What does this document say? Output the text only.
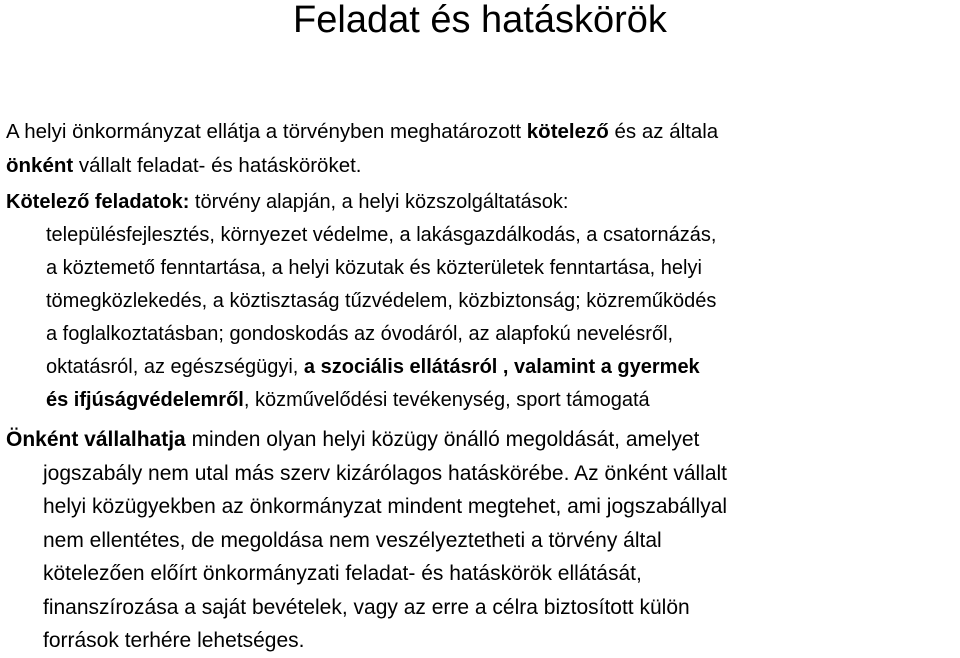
Feladat és hatáskörök

A helyi önkormányzat ellátja a törvényben meghatározott kötelező és az általa
önként vállalt feladat- és hatásköröket.

Kötelező feladatok: törvény alapján, a helyi közszolgáltatások:
településfejlesztés, környezet védelme, a lakásgazdálkodás, a csatornázás,
a köztemető fenntartása, a helyi közutak és közterületek fenntartása, helyi
tömegközlekedés, a köztisztaság tűzvédelem, közbiztonság; közreműködés
a foglalkoztatásban; gondoskodás az óvodáról, az alapfokú nevelésről,
oktatásról, az egészségügyi, a szociális ellátásról , valamint a gyermek
és ifjúságvédelemről, közművelődési tevékenység, sport támogatá

Önként vállalhatja minden olyan helyi közügy önálló megoldását, amelyet
jogszabály nem utal más szerv kizárólagos hatáskörébe. Az önként vállalt
helyi közügyekben az önkormányzat mindent megtehet, ami jogszabállyal
nem ellentétes, de megoldása nem veszélyeztetheti a törvény által
kötelezően előírt önkormányzati feladat- és hatáskörök ellátását,
finanszírozása a saját bevételek, vagy az erre a célra biztosított külön
források terhére lehetséges.
